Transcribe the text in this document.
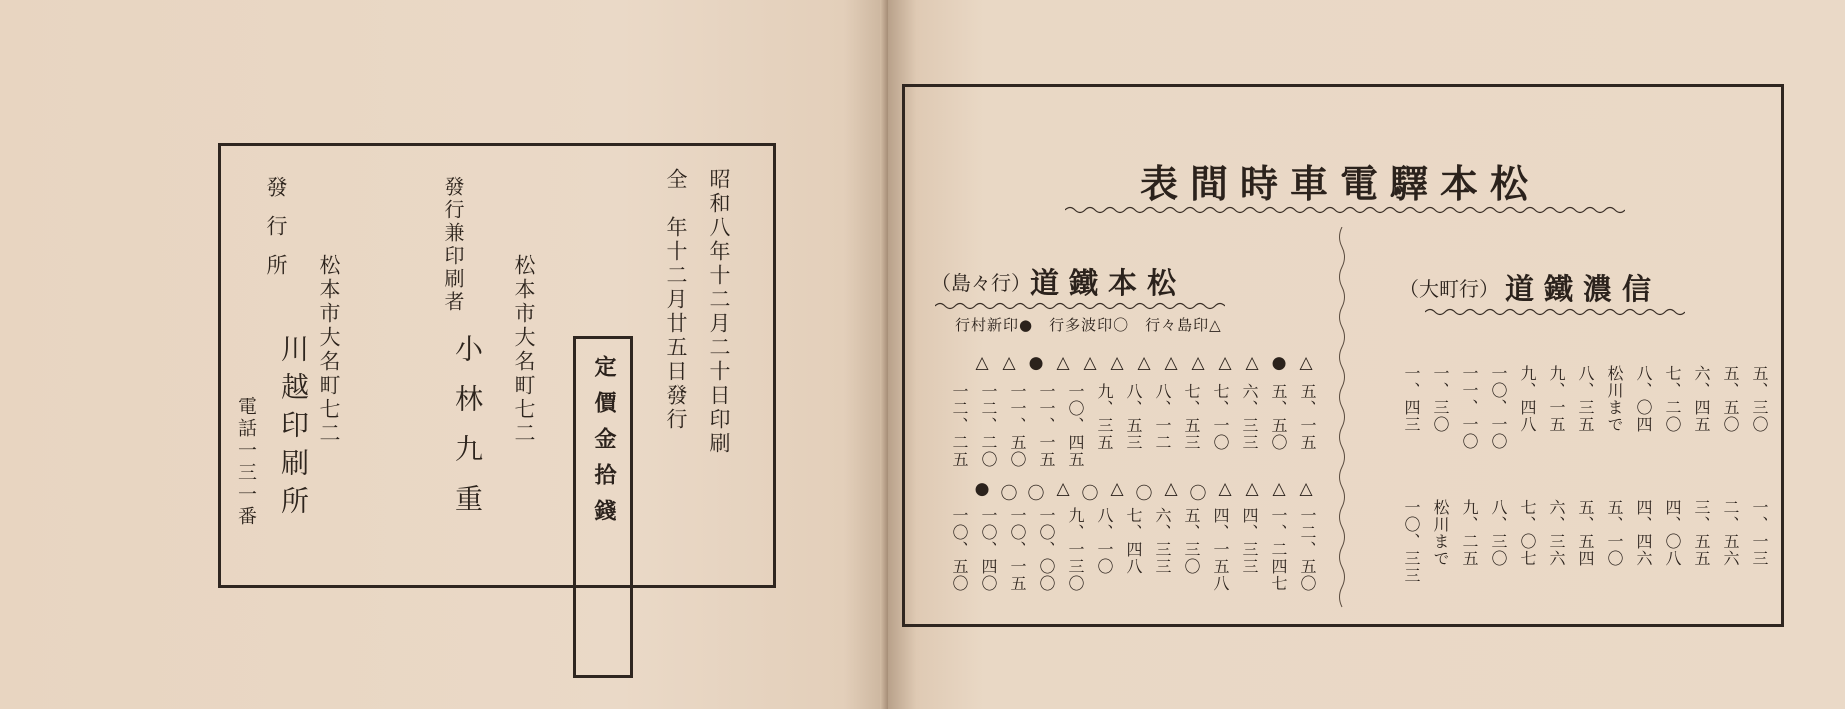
昭和八年十二月二十日印刷
全　年十二月廿五日發行
定價金拾錢
松本市大名町七二
發行兼印刷者
小林九重
松本市大名町七二
發行所
川越印刷所
電話一三一番
松本驛電車時間表
（島々行） 松本鐵道
△印島々行　〇印波多行　●印新村行
△
●
△
△
△
△
△
△
△
△
●
△
△
五、一五
五、五〇
六、三三
七、一〇
七、五三
八、一二
八、五三
九、三五
一〇、四五
一一、一五
一一、五〇
一二、二〇
一二、二五
△
△
△
△
〇
△
〇
△
〇
△
〇
〇
●
一二、五〇
一、二四七
四、三三
四、一五八
五、三〇
六、三三
七、四八
八、一〇
九、一三〇
一〇、〇〇
一〇、一五
一〇、四〇
一〇、五〇
（大町行） 信濃鐵道
五、三〇
五、五〇
六、四五
七、二〇
八、〇四
松川まで
八、三五
九、一五
九、四八
一〇、一〇
一一、一〇
一、三〇
一、四三
一、一三
二、五六
三、五五
四、〇八
四、四六
五、一〇
五、五四
六、三六
七、〇七
八、三〇
九、二五
松川まで
一〇、三三
